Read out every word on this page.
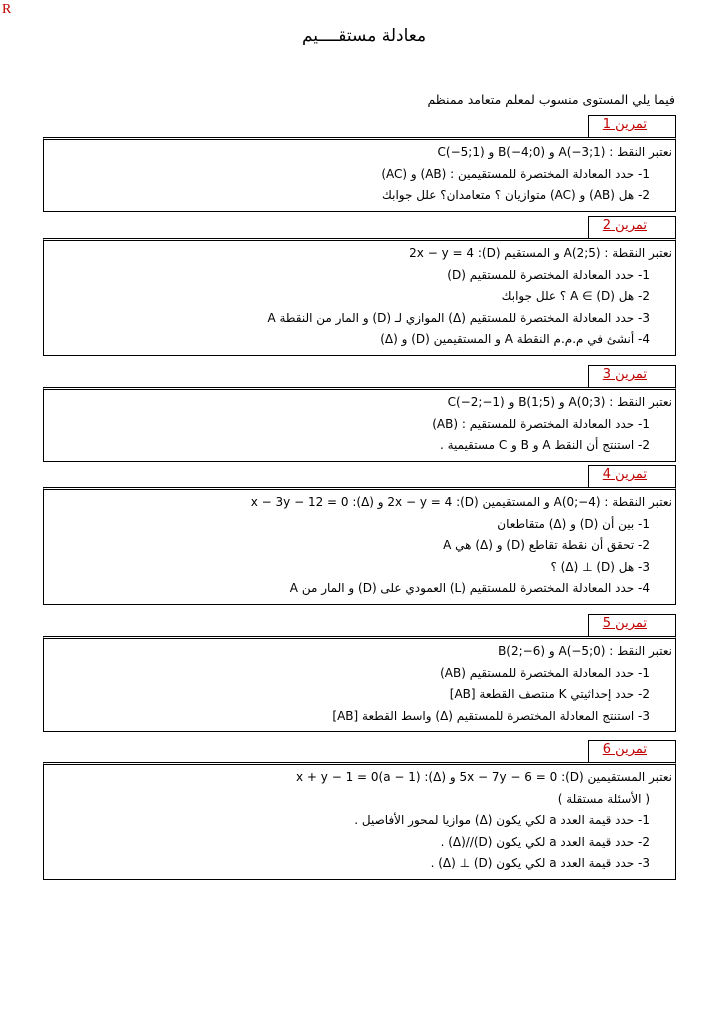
R
معادلة مستقــــيم
فيما يلي المستوى منسوب لمعلم متعامد ممنظم
تمرين 1
نعتبر النقط : A(−3;1) و B(−4;0) و C(−5;1)
1- حدد المعادلة المختصرة للمستقيمين : (AB) و (AC)
2- هل (AB) و (AC) متوازيان ؟ متعامدان؟ علل جوابك
تمرين 2
نعتبر النقطة : A(2;5) و المستقيم (D): 2x − y = 4
1- حدد المعادلة المختصرة للمستقيم (D)
2- هل A ∈ (D) ؟ علل جوابك
3- حدد المعادلة المختصرة للمستقيم (Δ) الموازي لـ (D) و المار من النقطة A
4- أنشئ في م.م.م النقطة A و المستقيمين (D) و (Δ)
تمرين 3
نعتبر النقط : A(0;3) و B(1;5) و C(−2;−1)
1- حدد المعادلة المختصرة للمستقيم : (AB)
2- استنتج أن النقط A و B و C مستقيمية .
تمرين 4
نعتبر النقطة : A(0;−4) و المستقيمين (D): 2x − y = 4 و (Δ): x − 3y − 12 = 0
1- بين أن (D) و (Δ) متقاطعان
2- تحقق أن نقطة تقاطع (D) و (Δ) هي A
3- هل (D) ⊥ (Δ) ؟
4- حدد المعادلة المختصرة للمستقيم (L) العمودي على (D) و المار من A
تمرين 5
نعتبر النقط : A(−5;0) و B(2;−6)
1- حدد المعادلة المختصرة للمستقيم (AB)
2- حدد إحداثيتي K منتصف القطعة [AB]
3- استنتج المعادلة المختصرة للمستقيم (Δ) واسط القطعة [AB]
تمرين 6
نعتبر المستقيمين (D): 5x − 7y − 6 = 0 و (Δ): (a − 1)x + y − 1 = 0
( الأسئلة مستقلة )
1- حدد قيمة العدد a لكي يكون (Δ) موازيا لمحور الأفاصيل .
2- حدد قيمة العدد a لكي يكون (D)//(Δ) .
3- حدد قيمة العدد a لكي يكون (D) ⊥ (Δ) .
